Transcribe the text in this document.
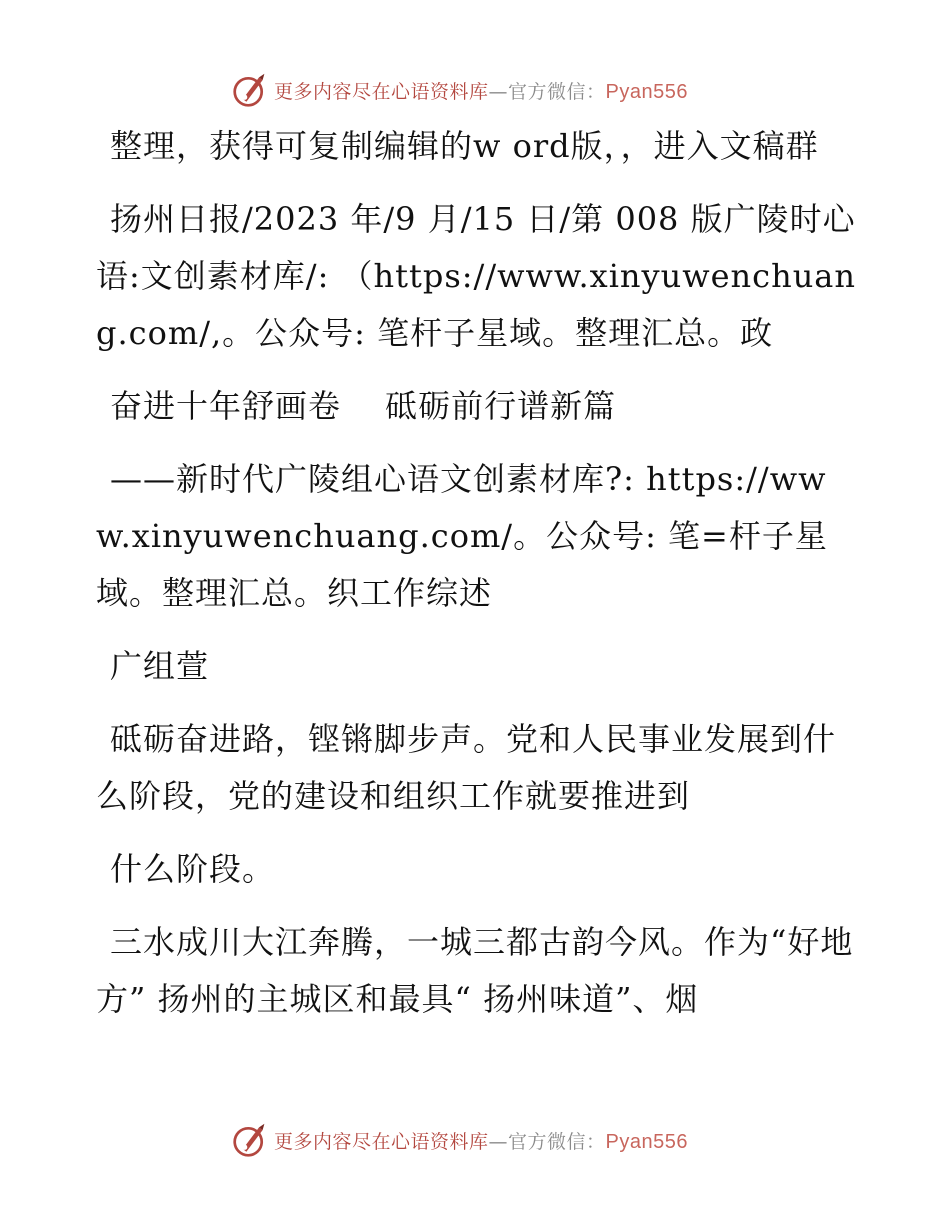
更多内容尽在心语资料库—官方微信：Pyan556

整理，获得可复制编辑的w ord版，，进入文稿群

扬州日报/2023 年/9 月/15 日/第 008 版广陵时心语:文创素材库/: （https://www.xinyuwenchuang.com/,。公众号: 笔杆子星域。整理汇总。政

奋进十年舒画卷　 砥砺前行谱新篇

——新时代广陵组心语文创素材库?: https://www.xinyuwenchuang.com/。公众号: 笔=杆子星域。整理汇总。织工作综述

广组萱

砥砺奋进路，铿锵脚步声。党和人民事业发展到什么阶段，党的建设和组织工作就要推进到

什么阶段。

三水成川大江奔腾，一城三都古韵今风。作为“好地方” 扬州的主城区和最具“ 扬州味道”、烟

更多内容尽在心语资料库—官方微信：Pyan556
